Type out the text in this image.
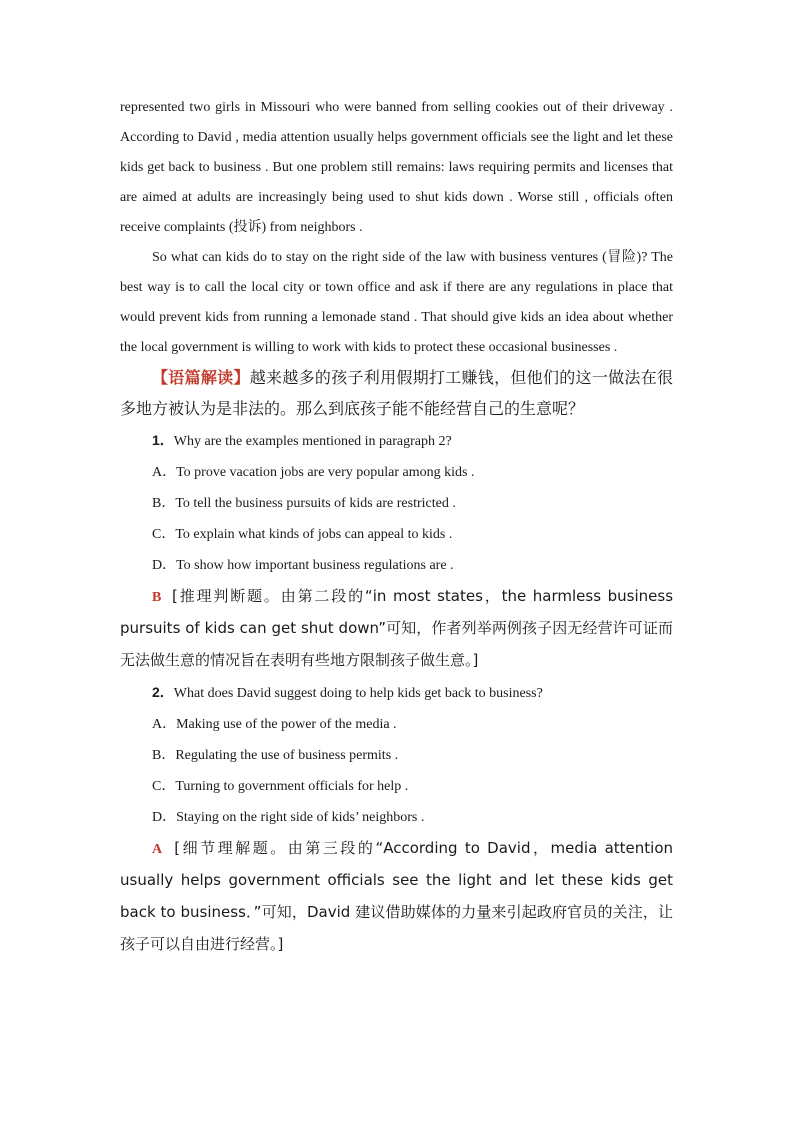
represented two girls in Missouri who were banned from selling cookies out of their driveway . According to David , media attention usually helps government officials see the light and let these kids get back to business . But one problem still remains: laws requiring permits and licenses that are aimed at adults are increasingly being used to shut kids down . Worse still , officials often receive complaints (投诉) from neighbors .

So what can kids do to stay on the right side of the law with business ventures (冒险)? The best way is to call the local city or town office and ask if there are any regulations in place that would prevent kids from running a lemonade stand . That should give kids an idea about whether the local government is willing to work with kids to protect these occasional businesses .

【语篇解读】越来越多的孩子利用假期打工赚钱，但他们的这一做法在很多地方被认为是非法的。那么到底孩子能不能经营自己的生意呢？

1．Why are the examples mentioned in paragraph 2?

A．To prove vacation jobs are very popular among kids .

B．To tell the business pursuits of kids are restricted .

C．To explain what kinds of jobs can appeal to kids .

D．To show how important business regulations are .

B [推理判断题。由第二段的“in most states，the harmless business pursuits of kids can get shut down”可知，作者列举两例孩子因无经营许可证而无法做生意的情况旨在表明有些地方限制孩子做生意。]

2．What does David suggest doing to help kids get back to business?

A．Making use of the power of the media .

B．Regulating the use of business permits .

C．Turning to government officials for help .

D．Staying on the right side of kids’ neighbors .

A [细节理解题。由第三段的“According to David，media attention usually helps government officials see the light and let these kids get back to business．”可知，David 建议借助媒体的力量来引起政府官员的关注，让孩子可以自由进行经营。]
